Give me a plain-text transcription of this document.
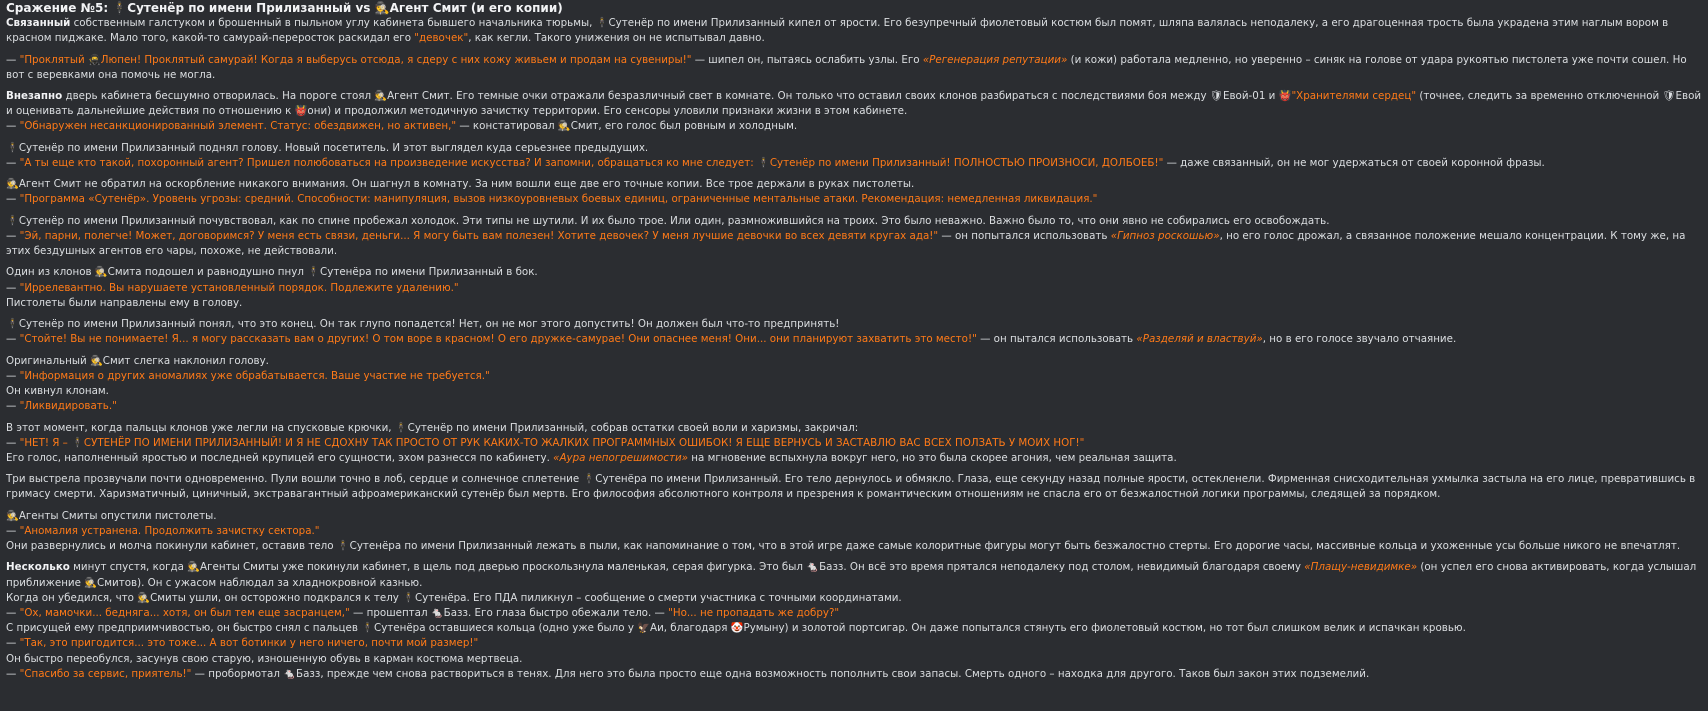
Сражение №5: 🕴Сутенёр по имени Прилизанный vs 🕵Агент Смит (и его копии)

Связанный собственным галстуком и брошенный в пыльном углу кабинета бывшего начальника тюрьмы, 🕴Сутенёр по имени Прилизанный кипел от ярости. Его безупречный фиолетовый костюм был помят, шляпа валялась неподалеку, а его драгоценная трость была украдена этим наглым вором в красном пиджаке. Мало того, какой-то самурай-переросток раскидал его "девочек", как кегли. Такого унижения он не испытывал давно.

— "Проклятый 🥷Люпен! Проклятый самурай! Когда я выберусь отсюда, я сдеру с них кожу живьем и продам на сувениры!" — шипел он, пытаясь ослабить узлы. Его «Регенерация репутации» (и кожи) работала медленно, но уверенно – синяк на голове от удара рукоятью пистолета уже почти сошел. Но вот с веревками она помочь не могла.

Внезапно дверь кабинета бесшумно отворилась. На пороге стоял 🕵Агент Смит. Его темные очки отражали безразличный свет в комнате. Он только что оставил своих клонов разбираться с последствиями боя между 🛡Евой-01 и 👹"Хранителями сердец" (точнее, следить за временно отключенной 🛡Евой и оценивать дальнейшие действия по отношению к 👹они) и продолжил методичную зачистку территории. Его сенсоры уловили признаки жизни в этом кабинете.
— "Обнаружен несанкционированный элемент. Статус: обездвижен, но активен," — констатировал 🕵Смит, его голос был ровным и холодным.

🕴Сутенёр по имени Прилизанный поднял голову. Новый посетитель. И этот выглядел куда серьезнее предыдущих.
— "А ты еще кто такой, похоронный агент? Пришел полюбоваться на произведение искусства? И запомни, обращаться ко мне следует: 🕴Сутенёр по имени Прилизанный! ПОЛНОСТЬЮ ПРОИЗНОСИ, ДОЛБОЕБ!" — даже связанный, он не мог удержаться от своей коронной фразы.

🕵Агент Смит не обратил на оскорбление никакого внимания. Он шагнул в комнату. За ним вошли еще две его точные копии. Все трое держали в руках пистолеты.
— "Программа «Сутенёр». Уровень угрозы: средний. Способности: манипуляция, вызов низкоуровневых боевых единиц, ограниченные ментальные атаки. Рекомендация: немедленная ликвидация."

🕴Сутенёр по имени Прилизанный почувствовал, как по спине пробежал холодок. Эти типы не шутили. И их было трое. Или один, размножившийся на троих. Это было неважно. Важно было то, что они явно не собирались его освобождать.
— "Эй, парни, полегче! Может, договоримся? У меня есть связи, деньги... Я могу быть вам полезен! Хотите девочек? У меня лучшие девочки во всех девяти кругах ада!" — он попытался использовать «Гипноз роскошью», но его голос дрожал, а связанное положение мешало концентрации. К тому же, на этих бездушных агентов его чары, похоже, не действовали.

Один из клонов 🕵Смита подошел и равнодушно пнул 🕴Сутенёра по имени Прилизанный в бок.
— "Иррелевантно. Вы нарушаете установленный порядок. Подлежите удалению."
Пистолеты были направлены ему в голову.

🕴Сутенёр по имени Прилизанный понял, что это конец. Он так глупо попадется! Нет, он не мог этого допустить! Он должен был что-то предпринять!
— "Стойте! Вы не понимаете! Я... я могу рассказать вам о других! О том воре в красном! О его дружке-самурае! Они опаснее меня! Они... они планируют захватить это место!" — он пытался использовать «Разделяй и властвуй», но в его голосе звучало отчаяние.

Оригинальный 🕵Смит слегка наклонил голову.
— "Информация о других аномалиях уже обрабатывается. Ваше участие не требуется."
Он кивнул клонам.
— "Ликвидировать."

В этот момент, когда пальцы клонов уже легли на спусковые крючки, 🕴Сутенёр по имени Прилизанный, собрав остатки своей воли и харизмы, закричал:
— "НЕТ! Я – 🕴СУТЕНЁР ПО ИМЕНИ ПРИЛИЗАННЫЙ! И Я НЕ СДОХНУ ТАК ПРОСТО ОТ РУК КАКИХ-ТО ЖАЛКИХ ПРОГРАММНЫХ ОШИБОК! Я ЕЩЕ ВЕРНУСЬ И ЗАСТАВЛЮ ВАС ВСЕХ ПОЛЗАТЬ У МОИХ НОГ!"
Его голос, наполненный яростью и последней крупицей его сущности, эхом разнесся по кабинету. «Аура непогрешимости» на мгновение вспыхнула вокруг него, но это была скорее агония, чем реальная защита.

Три выстрела прозвучали почти одновременно. Пули вошли точно в лоб, сердце и солнечное сплетение 🕴Сутенёра по имени Прилизанный. Его тело дернулось и обмякло. Глаза, еще секунду назад полные ярости, остекленели. Фирменная снисходительная ухмылка застыла на его лице, превратившись в гримасу смерти. Харизматичный, циничный, экстравагантный афроамериканский сутенёр был мертв. Его философия абсолютного контроля и презрения к романтическим отношениям не спасла его от безжалостной логики программы, следящей за порядком.

🕵Агенты Смиты опустили пистолеты.
— "Аномалия устранена. Продолжить зачистку сектора."
Они развернулись и молча покинули кабинет, оставив тело 🕴Сутенёра по имени Прилизанный лежать в пыли, как напоминание о том, что в этой игре даже самые колоритные фигуры могут быть безжалостно стерты. Его дорогие часы, массивные кольца и ухоженные усы больше никого не впечатлят.

Несколько минут спустя, когда 🕵Агенты Смиты уже покинули кабинет, в щель под дверью проскользнула маленькая, серая фигурка. Это был 🐁Базз. Он всё это время прятался неподалеку под столом, невидимый благодаря своему «Плащу-невидимке» (он успел его снова активировать, когда услышал приближение 🕵Смитов). Он с ужасом наблюдал за хладнокровной казнью.
Когда он убедился, что 🕵Смиты ушли, он осторожно подкрался к телу 🕴Сутенёра. Его ПДА пиликнул – сообщение о смерти участника с точными координатами.
— "Ох, мамочки... бедняга... хотя, он был тем еще засранцем," — прошептал 🐁Базз. Его глаза быстро обежали тело. — "Но... не пропадать же добру?"
С присущей ему предприимчивостью, он быстро снял с пальцев 🕴Сутенёра оставшиеся кольца (одно уже было у 🦅Аи, благодаря 🤡Румыну) и золотой портсигар. Он даже попытался стянуть его фиолетовый костюм, но тот был слишком велик и испачкан кровью.
— "Так, это пригодится... это тоже... А вот ботинки у него ничего, почти мой размер!"
Он быстро переобулся, засунув свою старую, изношенную обувь в карман костюма мертвеца.
— "Спасибо за сервис, приятель!" — пробормотал 🐁Базз, прежде чем снова раствориться в тенях. Для него это была просто еще одна возможность пополнить свои запасы. Смерть одного – находка для другого. Таков был закон этих подземелий.
